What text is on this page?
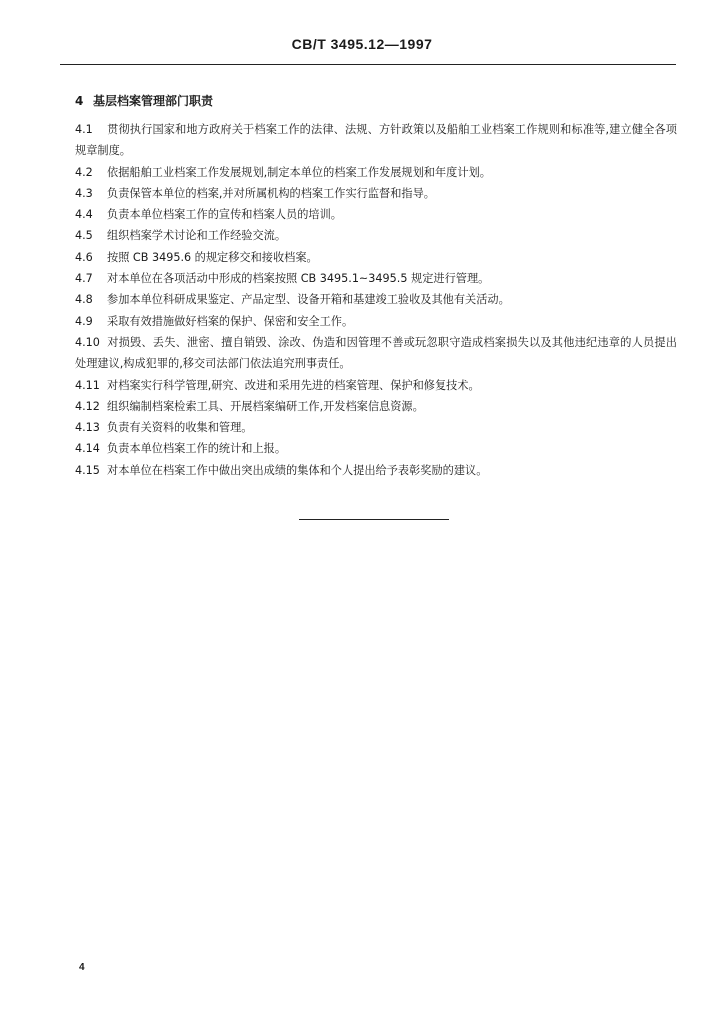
CB/T 3495.12—1997
4 基层档案管理部门职责

4.1 贯彻执行国家和地方政府关于档案工作的法律、法规、方针政策以及船舶工业档案工作规则和标准等,建立健全各项规章制度。

4.2 依据船舶工业档案工作发展规划,制定本单位的档案工作发展规划和年度计划。

4.3 负责保管本单位的档案,并对所属机构的档案工作实行监督和指导。

4.4 负责本单位档案工作的宣传和档案人员的培训。

4.5 组织档案学术讨论和工作经验交流。

4.6 按照 CB 3495.6 的规定移交和接收档案。

4.7 对本单位在各项活动中形成的档案按照 CB 3495.1~3495.5 规定进行管理。

4.8 参加本单位科研成果鉴定、产品定型、设备开箱和基建竣工验收及其他有关活动。

4.9 采取有效措施做好档案的保护、保密和安全工作。

4.10 对损毁、丢失、泄密、擅自销毁、涂改、伪造和因管理不善或玩忽职守造成档案损失以及其他违纪违章的人员提出处理建议,构成犯罪的,移交司法部门依法追究刑事责任。

4.11 对档案实行科学管理,研究、改进和采用先进的档案管理、保护和修复技术。

4.12 组织编制档案检索工具、开展档案编研工作,开发档案信息资源。

4.13 负责有关资料的收集和管理。

4.14 负责本单位档案工作的统计和上报。

4.15 对本单位在档案工作中做出突出成绩的集体和个人提出给予表彰奖励的建议。

4
